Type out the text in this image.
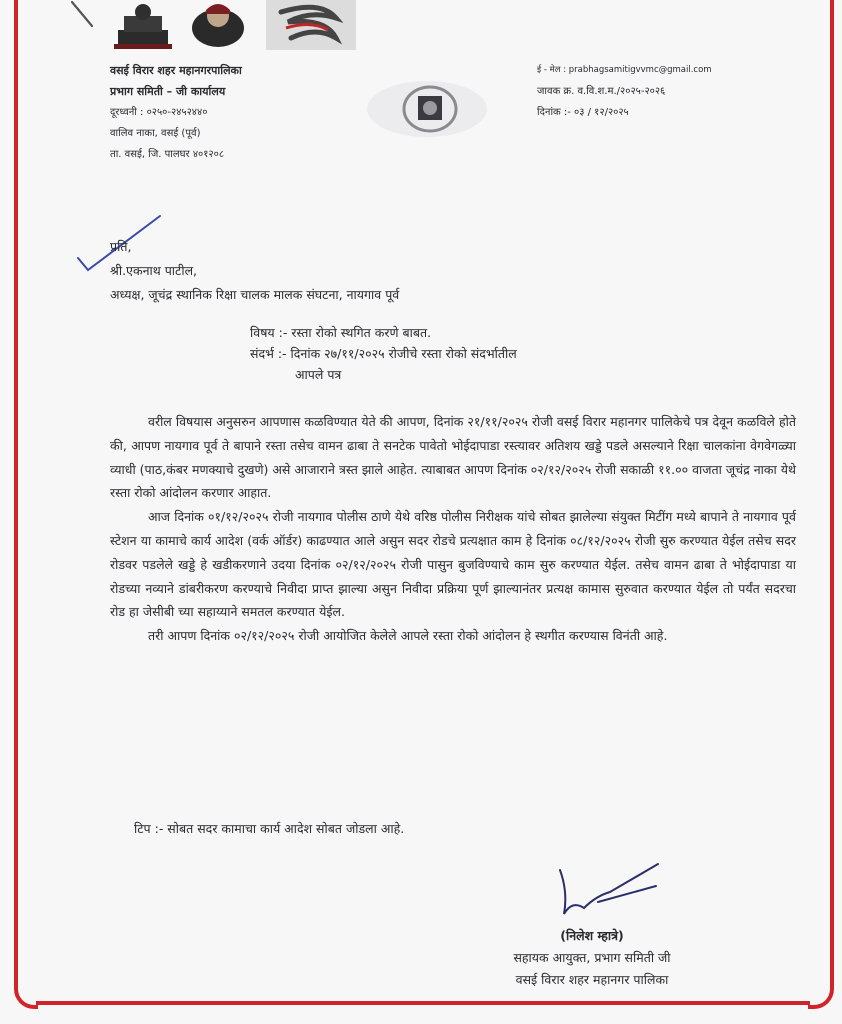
वसई विरार शहर महानगरपालिका
प्रभाग समिती – जी कार्यालय
दूरध्वनी : ०२५०-२४५२४४०
वालिव नाका, वसई (पूर्व)
ता. वसई, जि. पालघर ४०१२०८
ई - मेल : prabhagsamitigvvmc@gmail.com
जावक क्र. व.वि.श.म./२०२५-२०२६
दिनांक :- ०३ / १२/२०२५
प्रति,
श्री.एकनाथ पाटील,
अध्यक्ष, जूचंद्र स्थानिक रिक्षा चालक मालक संघटना, नायगाव पूर्व
विषय :- रस्ता रोको स्थगित करणे बाबत.
संदर्भ :- दिनांक २७/११/२०२५ रोजीचे रस्ता रोको संदर्भातील
आपले पत्र

वरील विषयास अनुसरुन आपणास कळविण्यात येते की आपण, दिनांक २१/११/२०२५ रोजी वसई विरार महानगर पालिकेचे पत्र देवून कळविले होते की, आपण नायगाव पूर्व ते बापाने रस्ता तसेच वामन ढाबा ते सनटेक पावेतो भोईदापाडा रस्त्यावर अतिशय खड्डे पडले असल्याने रिक्षा चालकांना वेगवेगळ्या व्याधी (पाठ,कंबर मणक्याचे दुखणे) असे आजाराने त्रस्त झाले आहेत. त्याबाबत आपण दिनांक ०२/१२/२०२५ रोजी सकाळी ११.०० वाजता जूचंद्र नाका येथे रस्ता रोको आंदोलन करणार आहात.

आज दिनांक ०१/१२/२०२५ रोजी नायगाव पोलीस ठाणे येथे वरिष्ठ पोलीस निरीक्षक यांचे सोबत झालेल्या संयुक्त मिटींग मध्ये बापाने ते नायगाव पूर्व स्टेशन या कामाचे कार्य आदेश (वर्क ऑर्डर) काढण्यात आले असुन सदर रोडचे प्रत्यक्षात काम हे दिनांक ०८/१२/२०२५ रोजी सुरु करण्यात येईल तसेच सदर रोडवर पडलेले खड्डे हे खडीकरणाने उदया दिनांक ०२/१२/२०२५ रोजी पासुन बुजविण्याचे काम सुरु करण्यात येईल. तसेच वामन ढाबा ते भोईदापाडा या रोडच्या नव्याने डांबरीकरण करण्याचे निवीदा प्राप्त झाल्या असुन निवीदा प्रक्रिया पूर्ण झाल्यानंतर प्रत्यक्ष कामास सुरुवात करण्यात येईल तो पर्यंत सदरचा रोड हा जेसीबी च्या सहाय्याने समतल करण्यात येईल.

तरी आपण दिनांक ०२/१२/२०२५ रोजी आयोजित केलेले आपले रस्ता रोको आंदोलन हे स्थगीत करण्यास विनंती आहे.

टिप :- सोबत सदर कामाचा कार्य आदेश सोबत जोडला आहे.
(निलेश म्हात्रे)
सहायक आयुक्त, प्रभाग समिती जी
वसई विरार शहर महानगर पालिका
